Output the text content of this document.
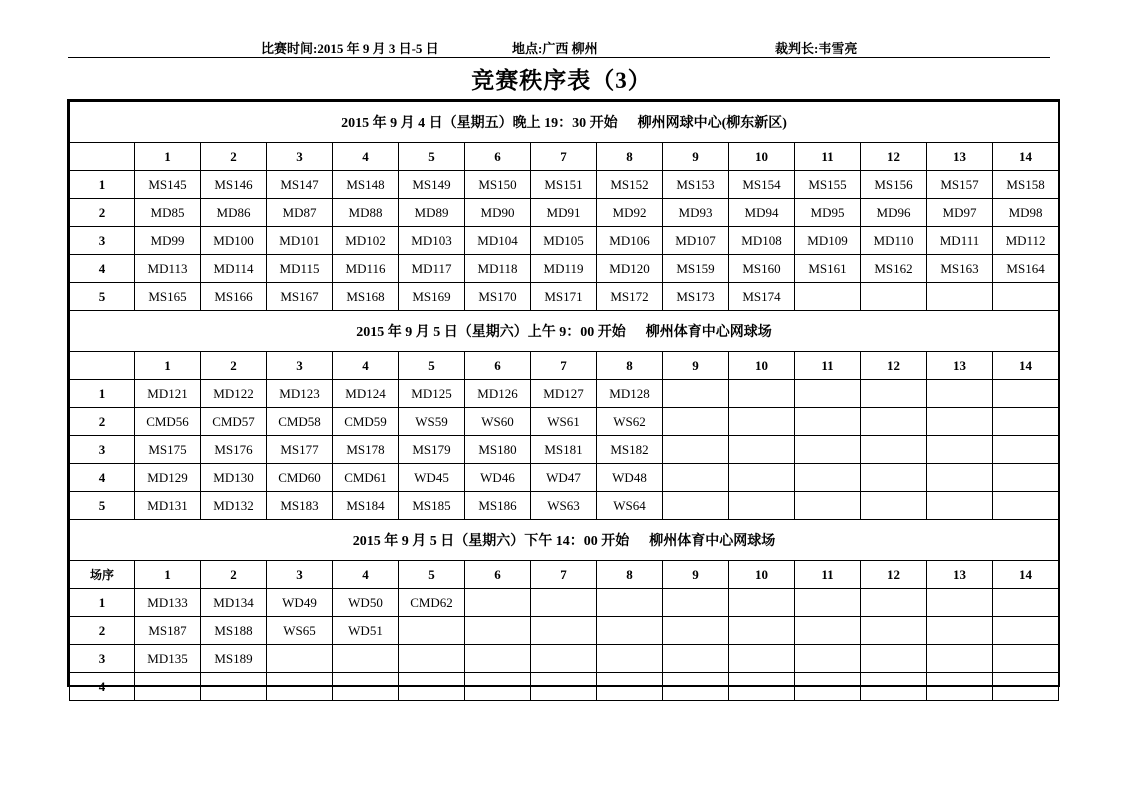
比赛时间:2015 年 9 月 3 日-5 日	地点:广西 柳州	裁判长:韦雪亮
竞赛秩序表（3）
2015 年 9 月 4 日（星期五）晚上 19：30 开始 柳州网球中心(柳东新区)														
	1	2	3	4	5	6	7	8	9	10	11	12	13	14
1	MS145	MS146	MS147	MS148	MS149	MS150	MS151	MS152	MS153	MS154	MS155	MS156	MS157	MS158
2	MD85	MD86	MD87	MD88	MD89	MD90	MD91	MD92	MD93	MD94	MD95	MD96	MD97	MD98
3	MD99	MD100	MD101	MD102	MD103	MD104	MD105	MD106	MD107	MD108	MD109	MD110	MD111	MD112
4	MD113	MD114	MD115	MD116	MD117	MD118	MD119	MD120	MS159	MS160	MS161	MS162	MS163	MS164
5	MS165	MS166	MS167	MS168	MS169	MS170	MS171	MS172	MS173	MS174				
2015 年 9 月 5 日（星期六）上午 9：00 开始 柳州体育中心网球场														
	1	2	3	4	5	6	7	8	9	10	11	12	13	14
1	MD121	MD122	MD123	MD124	MD125	MD126	MD127	MD128						
2	CMD56	CMD57	CMD58	CMD59	WS59	WS60	WS61	WS62						
3	MS175	MS176	MS177	MS178	MS179	MS180	MS181	MS182						
4	MD129	MD130	CMD60	CMD61	WD45	WD46	WD47	WD48						
5	MD131	MD132	MS183	MS184	MS185	MS186	WS63	WS64						
2015 年 9 月 5 日（星期六）下午 14：00 开始 柳州体育中心网球场														
场序	1	2	3	4	5	6	7	8	9	10	11	12	13	14
1	MD133	MD134	WD49	WD50	CMD62									
2	MS187	MS188	WS65	WD51										
3	MD135	MS189												
4														
